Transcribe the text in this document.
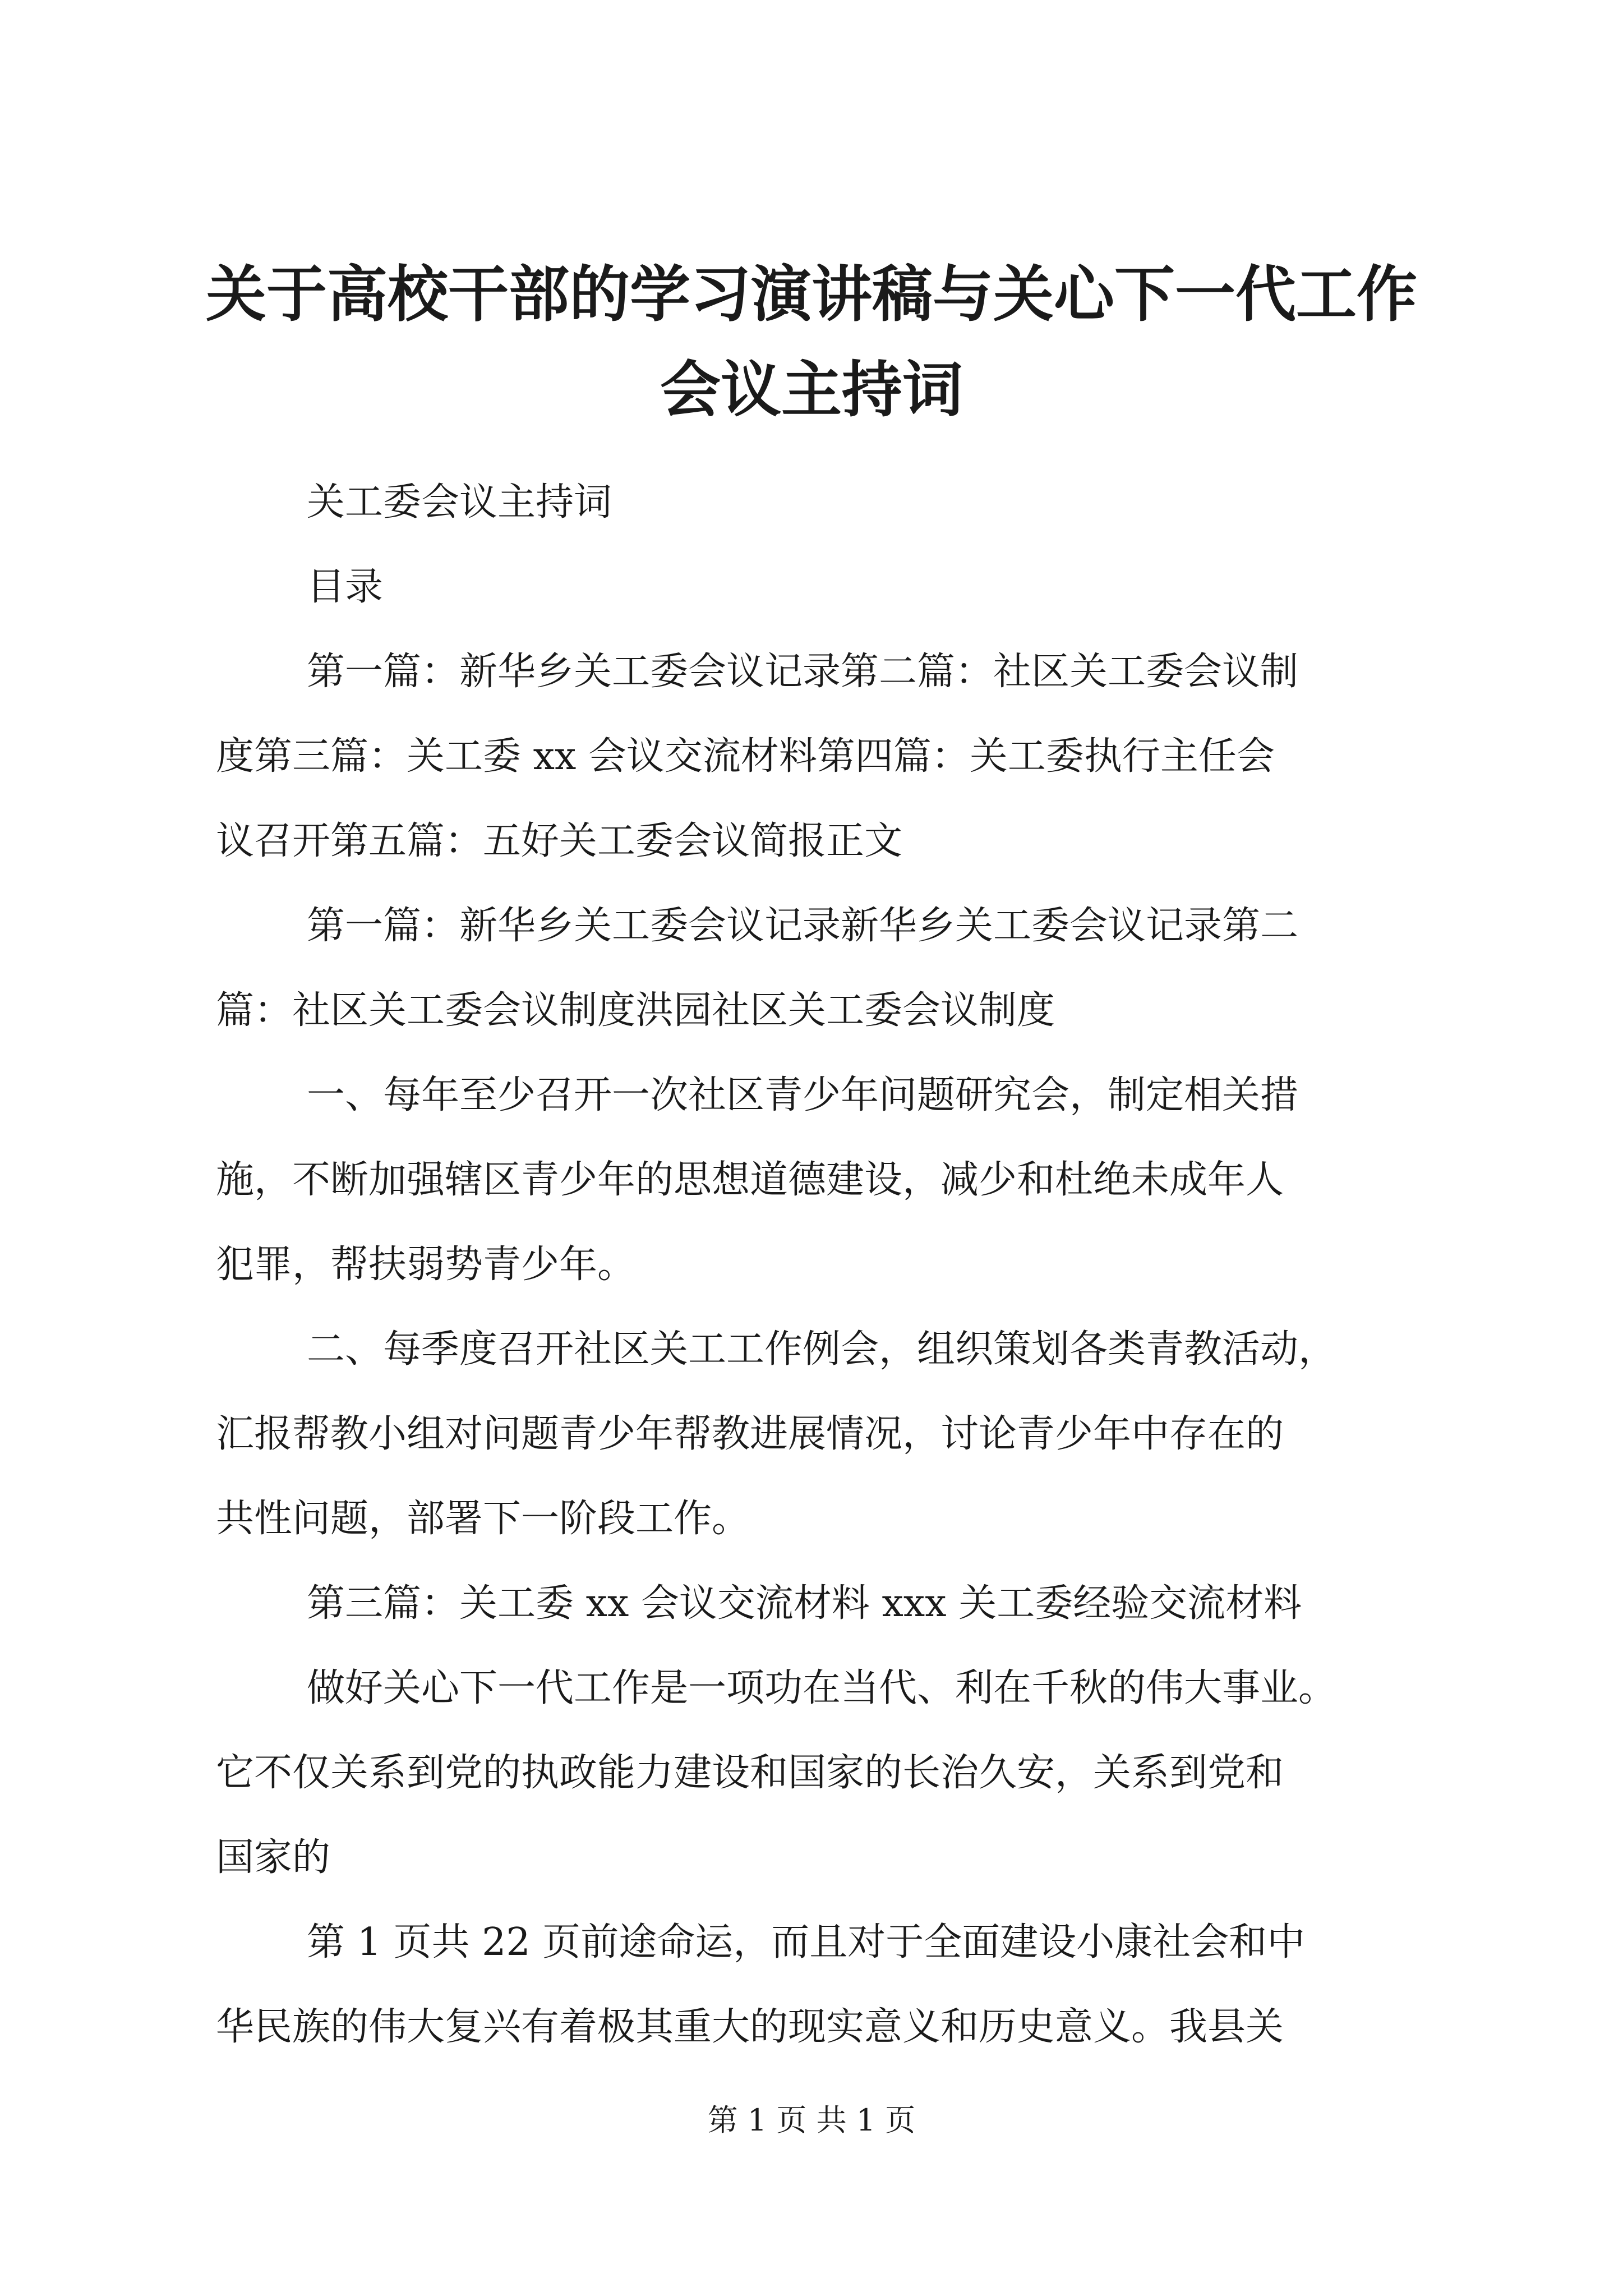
关于高校干部的学习演讲稿与关心下一代工作
会议主持词
关工委会议主持词
目录
第一篇：新华乡关工委会议记录第二篇：社区关工委会议制
度第三篇：关工委 xx 会议交流材料第四篇：关工委执行主任会
议召开第五篇：五好关工委会议简报正文
第一篇：新华乡关工委会议记录新华乡关工委会议记录第二
篇：社区关工委会议制度洪园社区关工委会议制度
一、每年至少召开一次社区青少年问题研究会，制定相关措
施，不断加强辖区青少年的思想道德建设，减少和杜绝未成年人
犯罪，帮扶弱势青少年。
二、每季度召开社区关工工作例会，组织策划各类青教活动，
汇报帮教小组对问题青少年帮教进展情况，讨论青少年中存在的
共性问题，部署下一阶段工作。
第三篇：关工委 xx 会议交流材料 xxx 关工委经验交流材料
做好关心下一代工作是一项功在当代、利在千秋的伟大事业。
它不仅关系到党的执政能力建设和国家的长治久安，关系到党和
国家的
第 1 页共 22 页前途命运，而且对于全面建设小康社会和中
华民族的伟大复兴有着极其重大的现实意义和历史意义。我县关
第 1 页 共 1 页
